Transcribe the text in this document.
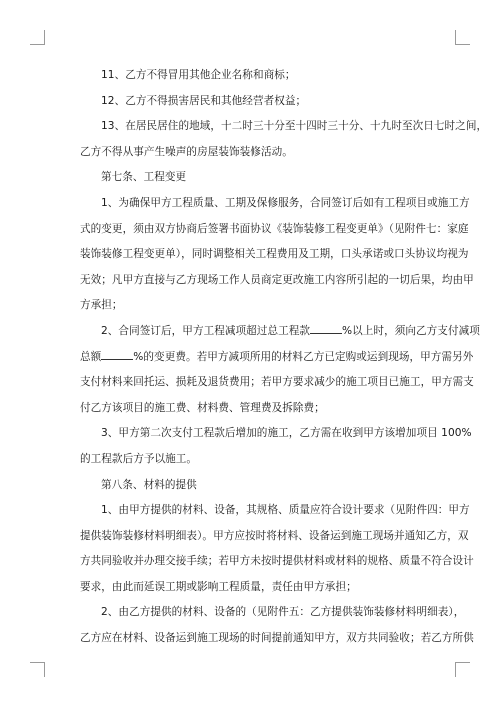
11、乙方不得冒用其他企业名称和商标；
12、乙方不得损害居民和其他经营者权益；
13、在居民居住的地域，十二时三十分至十四时三十分、十九时至次日七时之间，
乙方不得从事产生噪声的房屋装饰装修活动。
第七条、工程变更
1、为确保甲方工程质量、工期及保修服务，合同签订后如有工程项目或施工方
式的变更，须由双方协商后签署书面协议《装饰装修工程变更单》（见附件七：家庭
装饰装修工程变更单），同时调整相关工程费用及工期，口头承诺或口头协议均视为
无效；凡甲方直接与乙方现场工作人员商定更改施工内容所引起的一切后果，均由甲
方承担；
2、合同签订后，甲方工程减项超过总工程款	%以上时，须向乙方支付减项
总额	%的变更费。若甲方减项所用的材料乙方已定购或运到现场，甲方需另外
支付材料来回托运、损耗及退货费用；若甲方要求减少的施工项目已施工，甲方需支
付乙方该项目的施工费、材料费、管理费及拆除费；
3、甲方第二次支付工程款后增加的施工，乙方需在收到甲方该增加项目 100%
的工程款后方予以施工。
第八条、材料的提供
1、由甲方提供的材料、设备，其规格、质量应符合设计要求（见附件四：甲方
提供装饰装修材料明细表）。甲方应按时将材料、设备运到施工现场并通知乙方，双
方共同验收并办理交接手续；若甲方未按时提供材料或材料的规格、质量不符合设计
要求，由此而延误工期或影响工程质量，责任由甲方承担；
2、由乙方提供的材料、设备的（见附件五：乙方提供装饰装修材料明细表），
乙方应在材料、设备运到施工现场的时间提前通知甲方，双方共同验收；若乙方所供
